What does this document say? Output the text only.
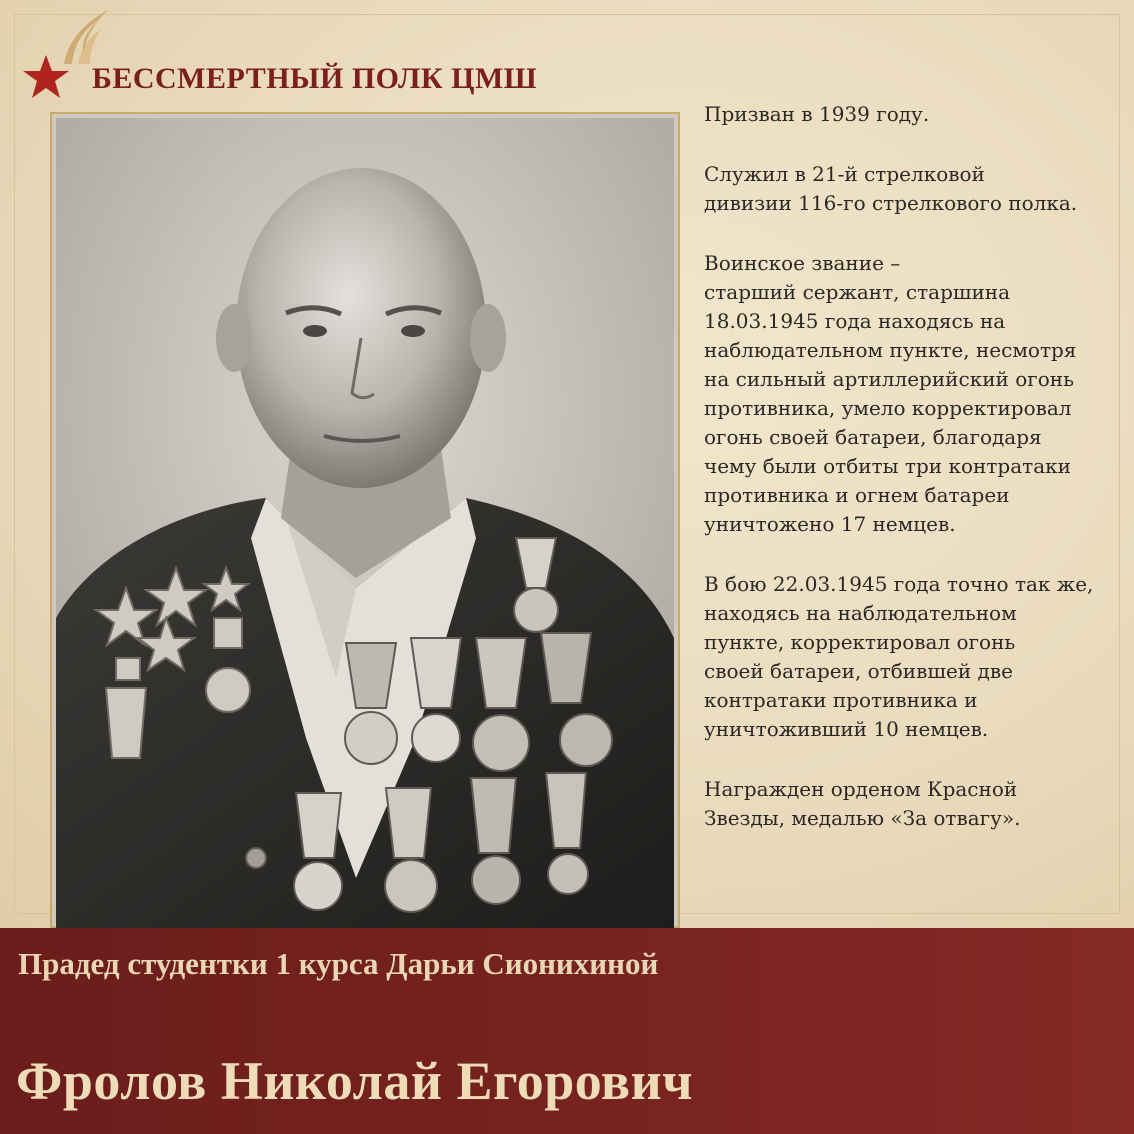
БЕССМЕРТНЫЙ ПОЛК ЦМШ

Призван в 1939 году.

Служил в 21-й стрелковой
дивизии 116-го стрелкового полка.

Воинское звание –
старший сержант, старшина
18.03.1945 года находясь на
наблюдательном пункте, несмотря
на сильный артиллерийский огонь
противника, умело корректировал
огонь своей батареи, благодаря
чему были отбиты три контратаки
противника и огнем батареи
уничтожено 17 немцев.

В бою 22.03.1945 года точно так же,
находясь на наблюдательном
пункте, корректировал огонь
своей батареи, отбившей две
контратаки противника и
уничтоживший 10 немцев.

Награжден орденом Красной
Звезды, медалью «За отвагу».

Прадед студентки 1 курса Дарьи Сионихиной
Фролов Николай Егорович
